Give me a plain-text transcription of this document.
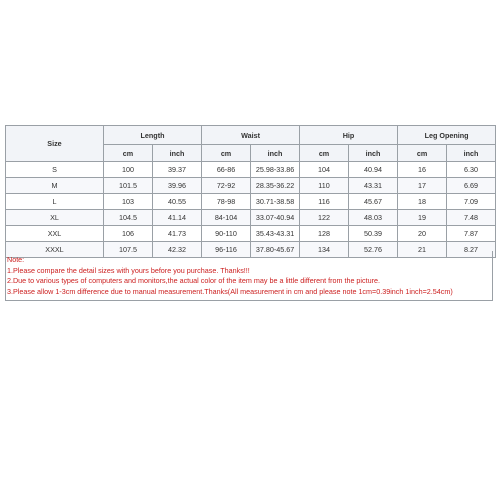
Size	Length		Waist		Hip		Leg Opening	
	cm	inch	cm	inch	cm	inch	cm	inch
S	100	39.37	66-86	25.98-33.86	104	40.94	16	6.30
M	101.5	39.96	72-92	28.35-36.22	110	43.31	17	6.69
L	103	40.55	78-98	30.71-38.58	116	45.67	18	7.09
XL	104.5	41.14	84-104	33.07-40.94	122	48.03	19	7.48
XXL	106	41.73	90-110	35.43-43.31	128	50.39	20	7.87
XXXL	107.5	42.32	96-116	37.80-45.67	134	52.76	21	8.27
Note:
1.Please compare the detail sizes with yours before you purchase. Thanks!!!
2.Due to various types of computers and monitors,the actual color of the item may be a little different from the picture.
3.Please allow 1-3cm difference due to manual measurement.Thanks(All measurement in cm and please note 1cm=0.39inch 1inch=2.54cm)
